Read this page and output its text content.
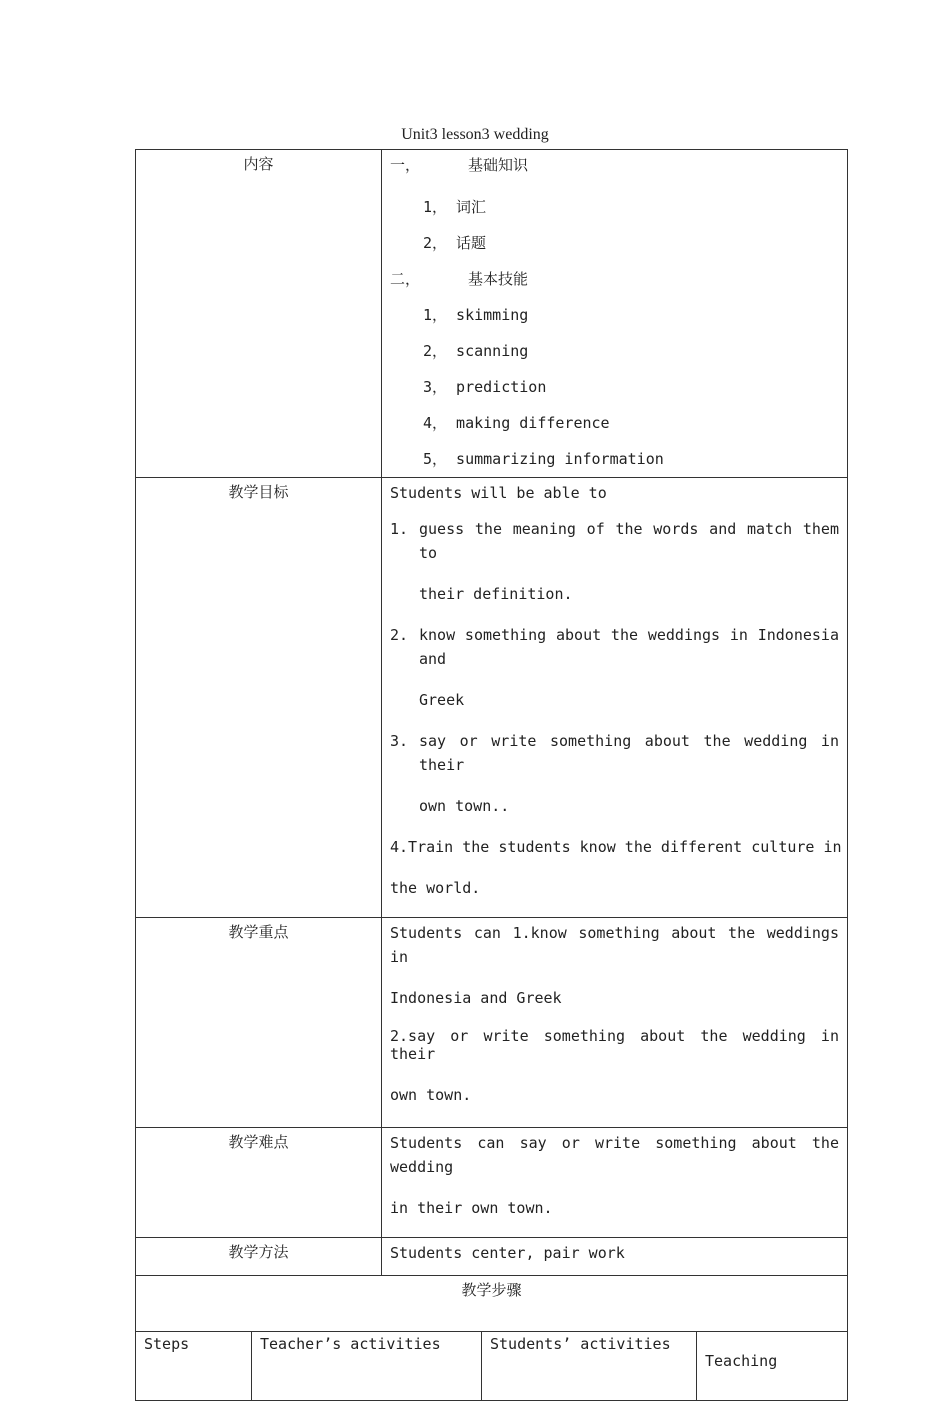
Unit3 lesson3 wedding
内容	一，	基础知识
1， 词汇
2， 话题
二，	基本技能
1， skimming
2， scanning
3， prediction
4， making difference
5， summarizing information

教学目标	Students will be able to
1. guess the meaning of the words and match them to
their definition.
2. know something about the weddings in Indonesia and
Greek
3. say or write something about the wedding in their
own town..
4.Train the students know the different culture in
the world.

教学重点	Students can 1.know something about the weddings in
Indonesia and Greek
2.say or write something about the wedding in their
own town.

教学难点	Students can say or write something about the wedding
in their own town.

教学方法	Students center, pair work

教学步骤

Steps	Teacher’s activities	Students’ activities	Teaching
